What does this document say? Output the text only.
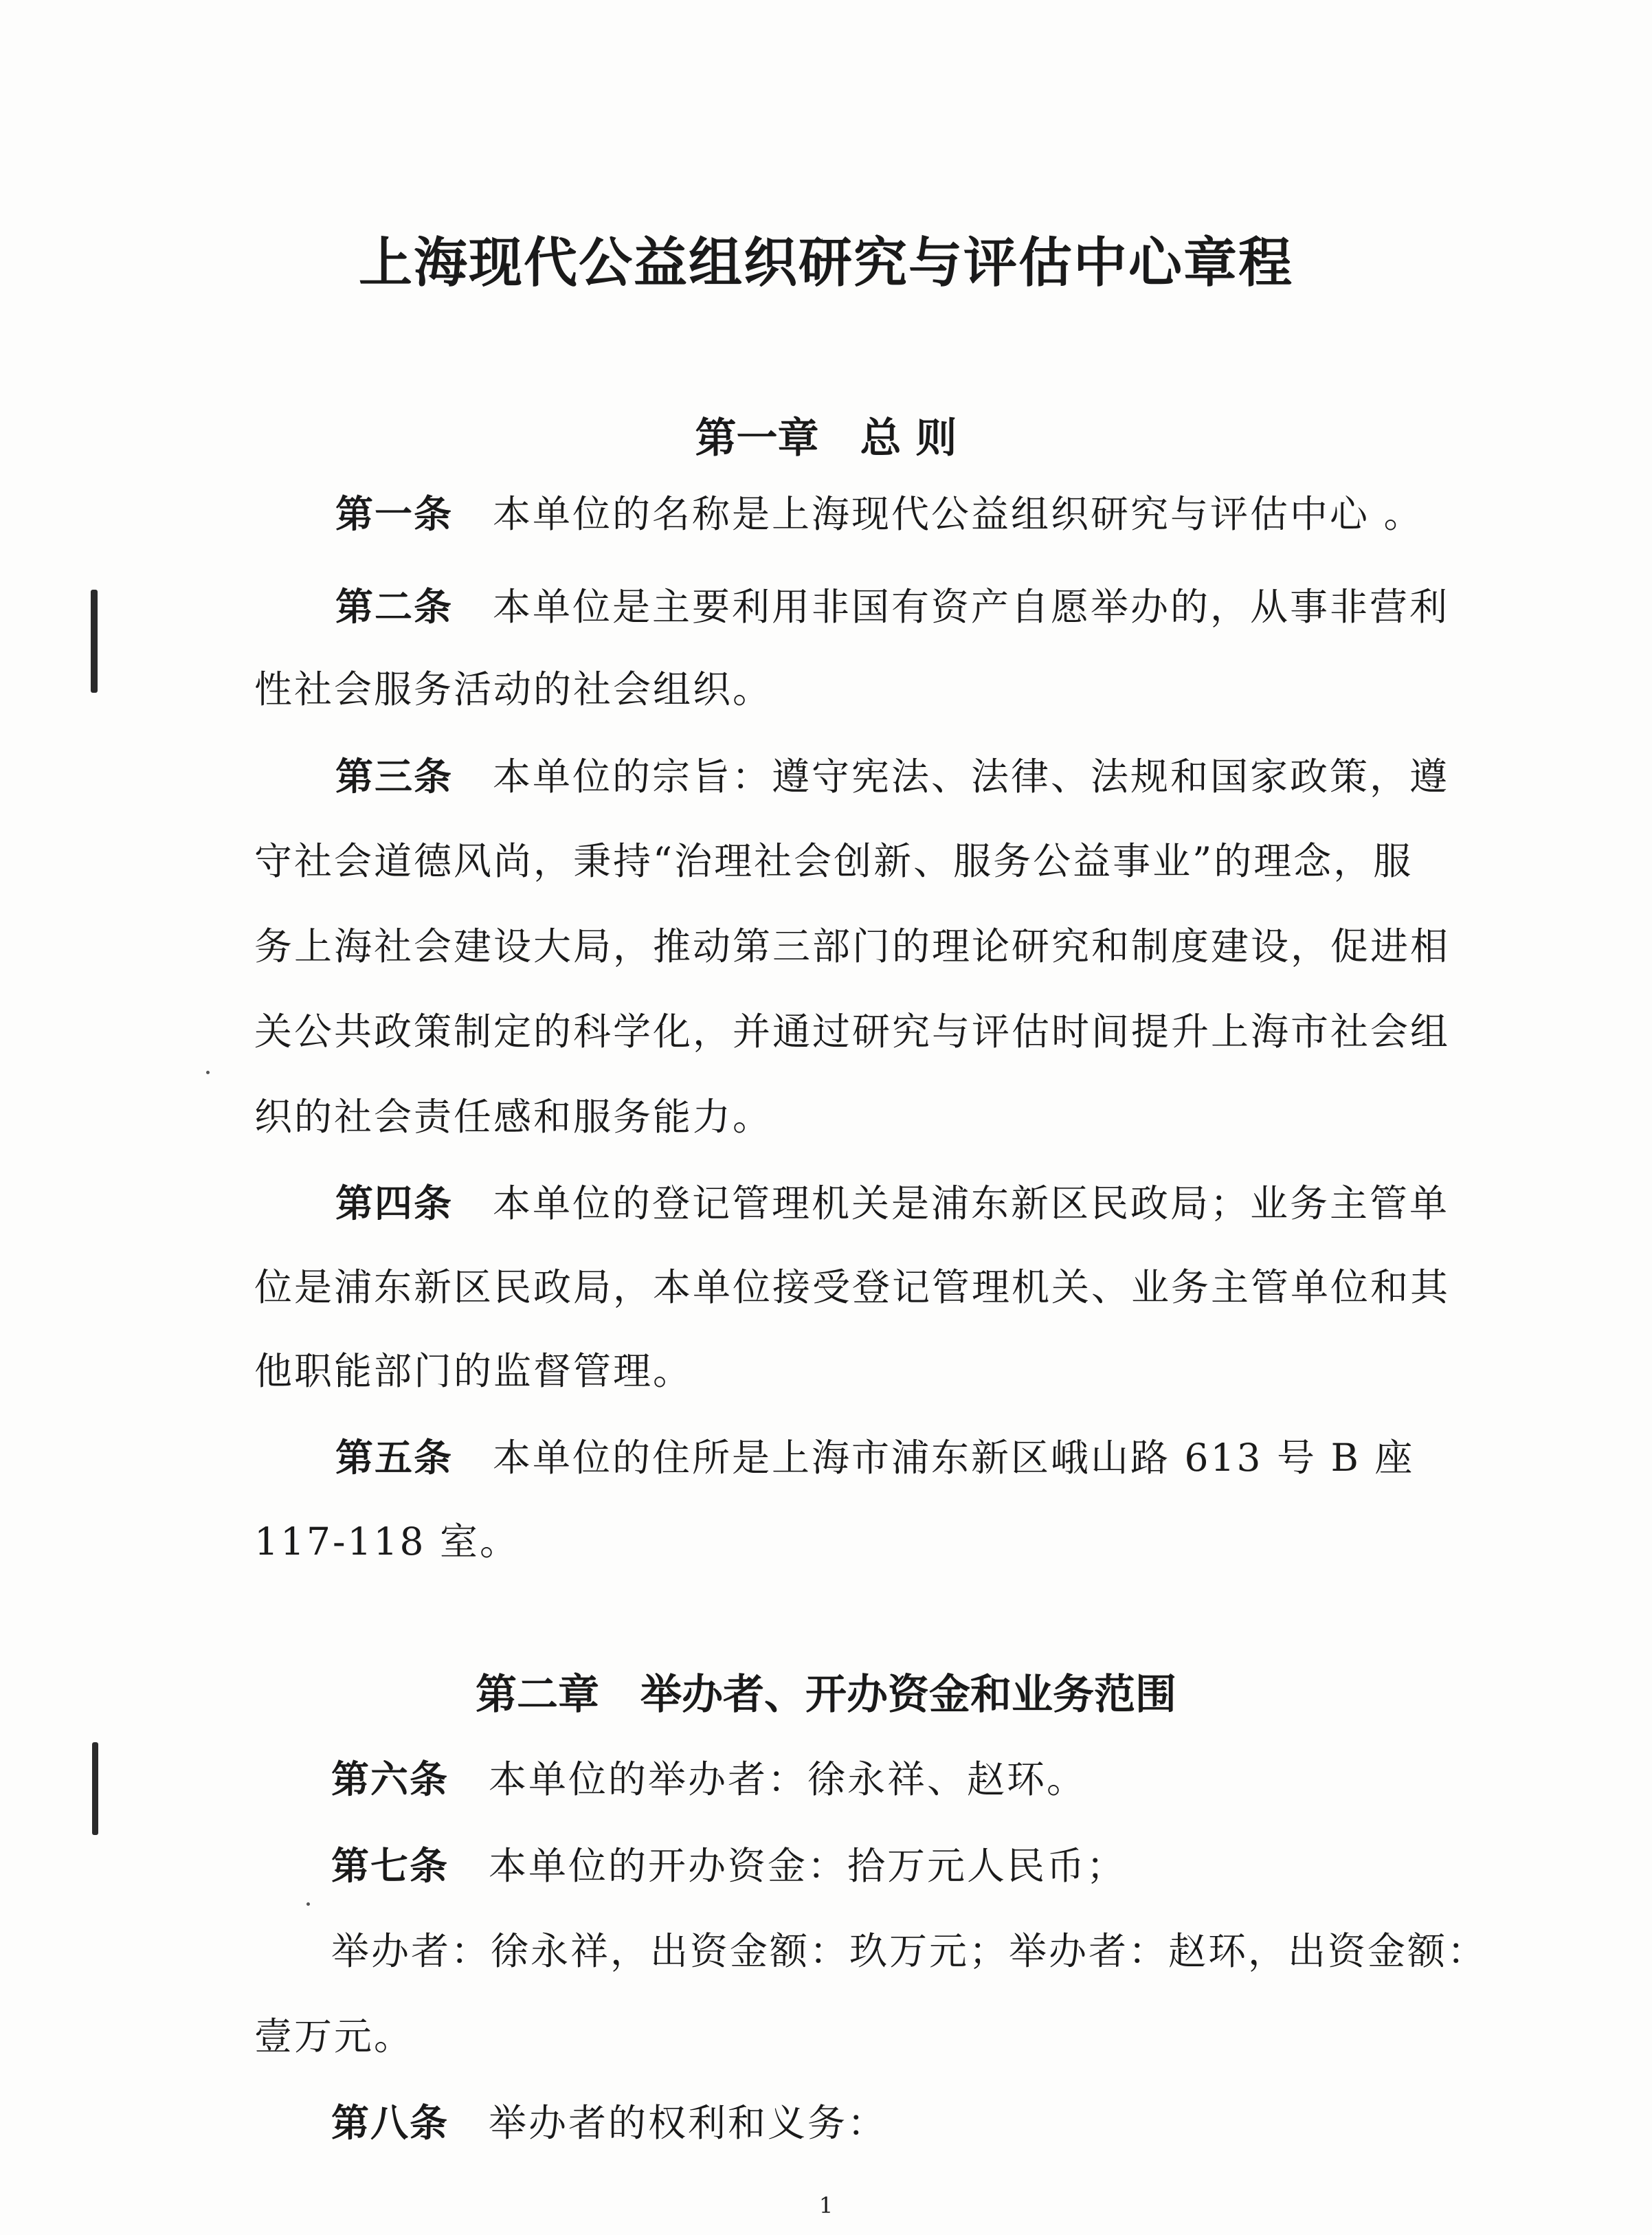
上海现代公益组织研究与评估中心章程
第一章　总 则

第一条 本单位的名称是上海现代公益组织研究与评估中心 。

第二条 本单位是主要利用非国有资产自愿举办的，从事非营利

性社会服务活动的社会组织。

第三条 本单位的宗旨：遵守宪法、法律、法规和国家政策，遵

守社会道德风尚，秉持“治理社会创新、服务公益事业”的理念，服

务上海社会建设大局，推动第三部门的理论研究和制度建设，促进相

关公共政策制定的科学化，并通过研究与评估时间提升上海市社会组

织的社会责任感和服务能力。

第四条 本单位的登记管理机关是浦东新区民政局；业务主管单

位是浦东新区民政局，本单位接受登记管理机关、业务主管单位和其

他职能部门的监督管理。

第五条 本单位的住所是上海市浦东新区峨山路 613 号 B 座

117-118 室。

第二章　举办者、开办资金和业务范围

第六条 本单位的举办者：徐永祥、赵环。

第七条 本单位的开办资金：拾万元人民币；

举办者：徐永祥，出资金额：玖万元；举办者：赵环，出资金额：

壹万元。

第八条 举办者的权利和义务：

1
